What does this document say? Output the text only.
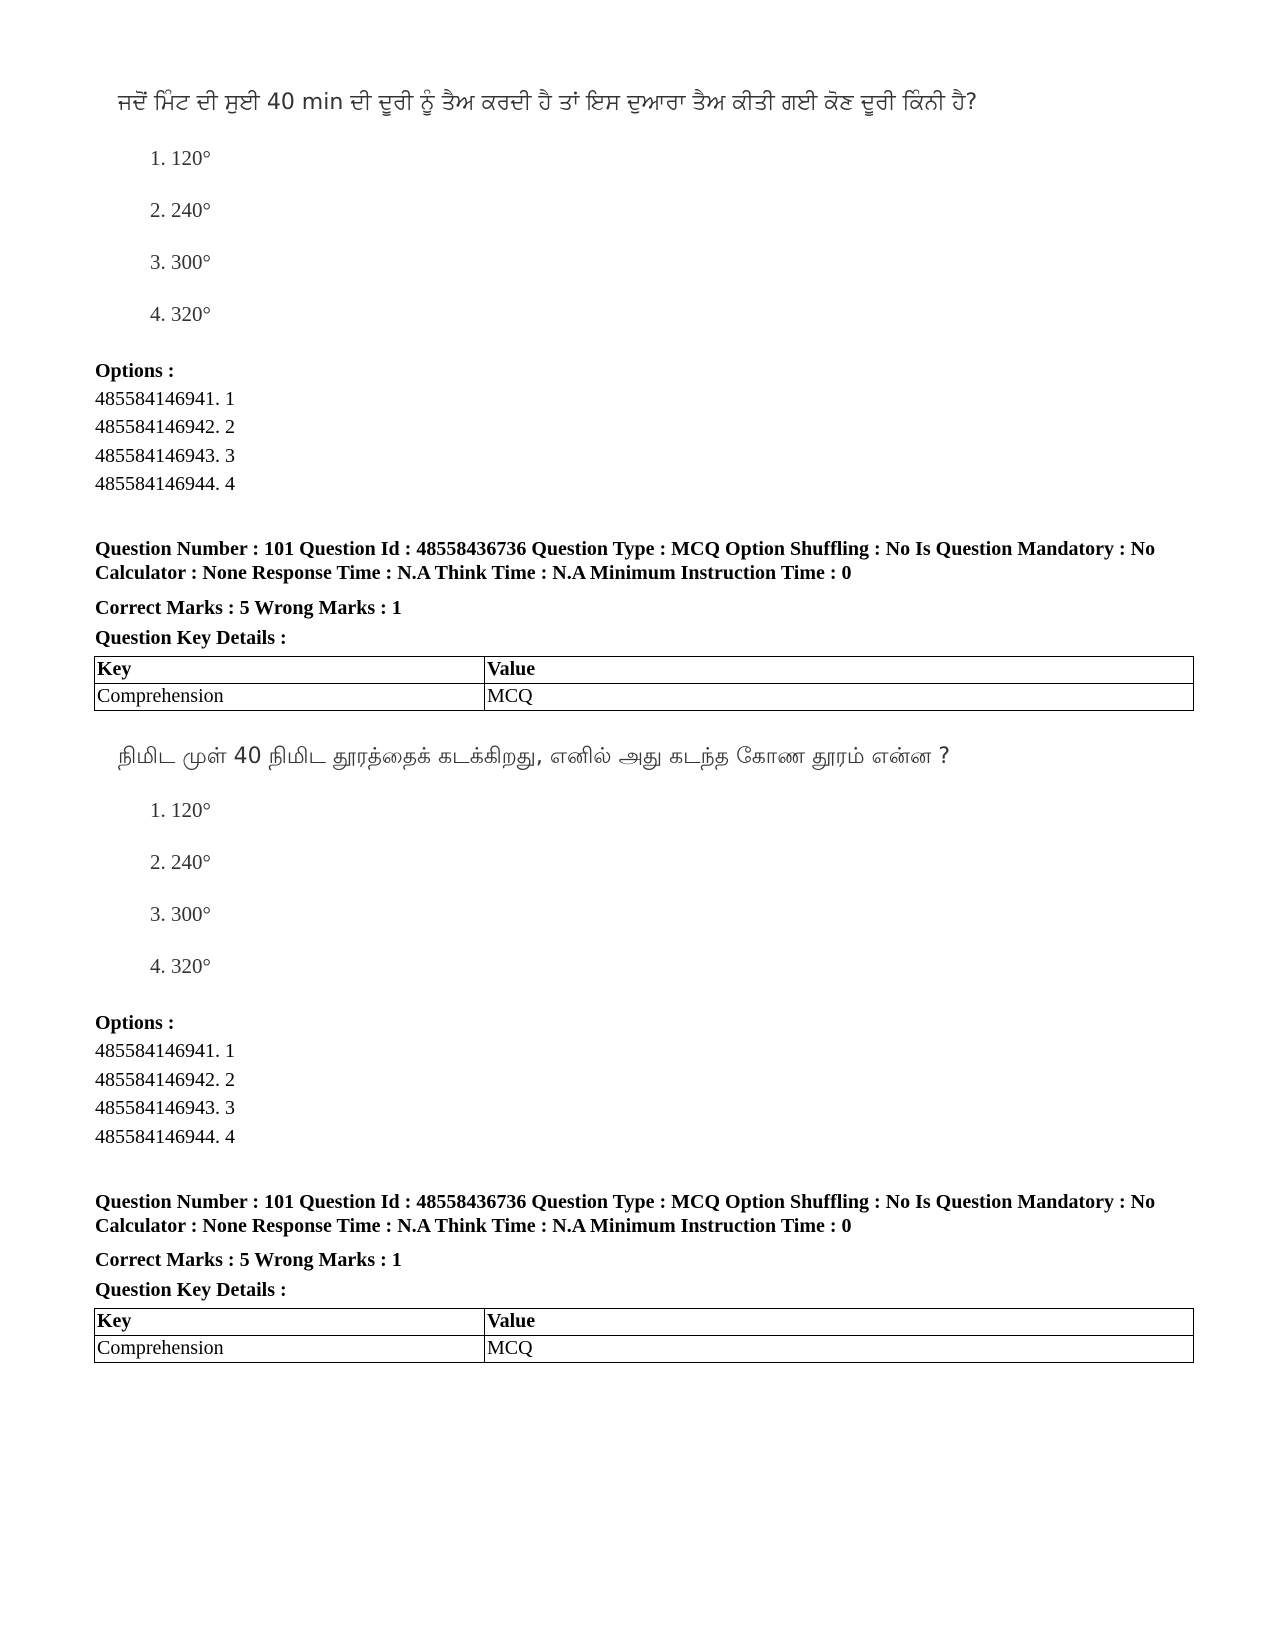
ਜਦੋਂ ਮਿੰਟ ਦੀ ਸੁਈ 40 min ਦੀ ਦੂਰੀ ਨੂੰ ਤੈਅ ਕਰਦੀ ਹੈ ਤਾਂ ਇਸ ਦੁਆਰਾ ਤੈਅ ਕੀਤੀ ਗਈ ਕੋਣ ਦੂਰੀ ਕਿੰਨੀ ਹੈ?
1. 120°
2. 240°
3. 300°
4. 320°
Options :
485584146941. 1
485584146942. 2
485584146943. 3
485584146944. 4
Question Number : 101 Question Id : 48558436736 Question Type : MCQ Option Shuffling : No Is Question Mandatory : No Calculator : None Response Time : N.A Think Time : N.A Minimum Instruction Time : 0
Correct Marks : 5 Wrong Marks : 1
Question Key Details :
Key	Value
Comprehension	MCQ
நிமிட முள் 40 நிமிட தூரத்தைக் கடக்கிறது, எனில் அது கடந்த கோண தூரம் என்ன ?
1. 120°
2. 240°
3. 300°
4. 320°
Options :
485584146941. 1
485584146942. 2
485584146943. 3
485584146944. 4
Question Number : 101 Question Id : 48558436736 Question Type : MCQ Option Shuffling : No Is Question Mandatory : No Calculator : None Response Time : N.A Think Time : N.A Minimum Instruction Time : 0
Correct Marks : 5 Wrong Marks : 1
Question Key Details :
Key	Value
Comprehension	MCQ
